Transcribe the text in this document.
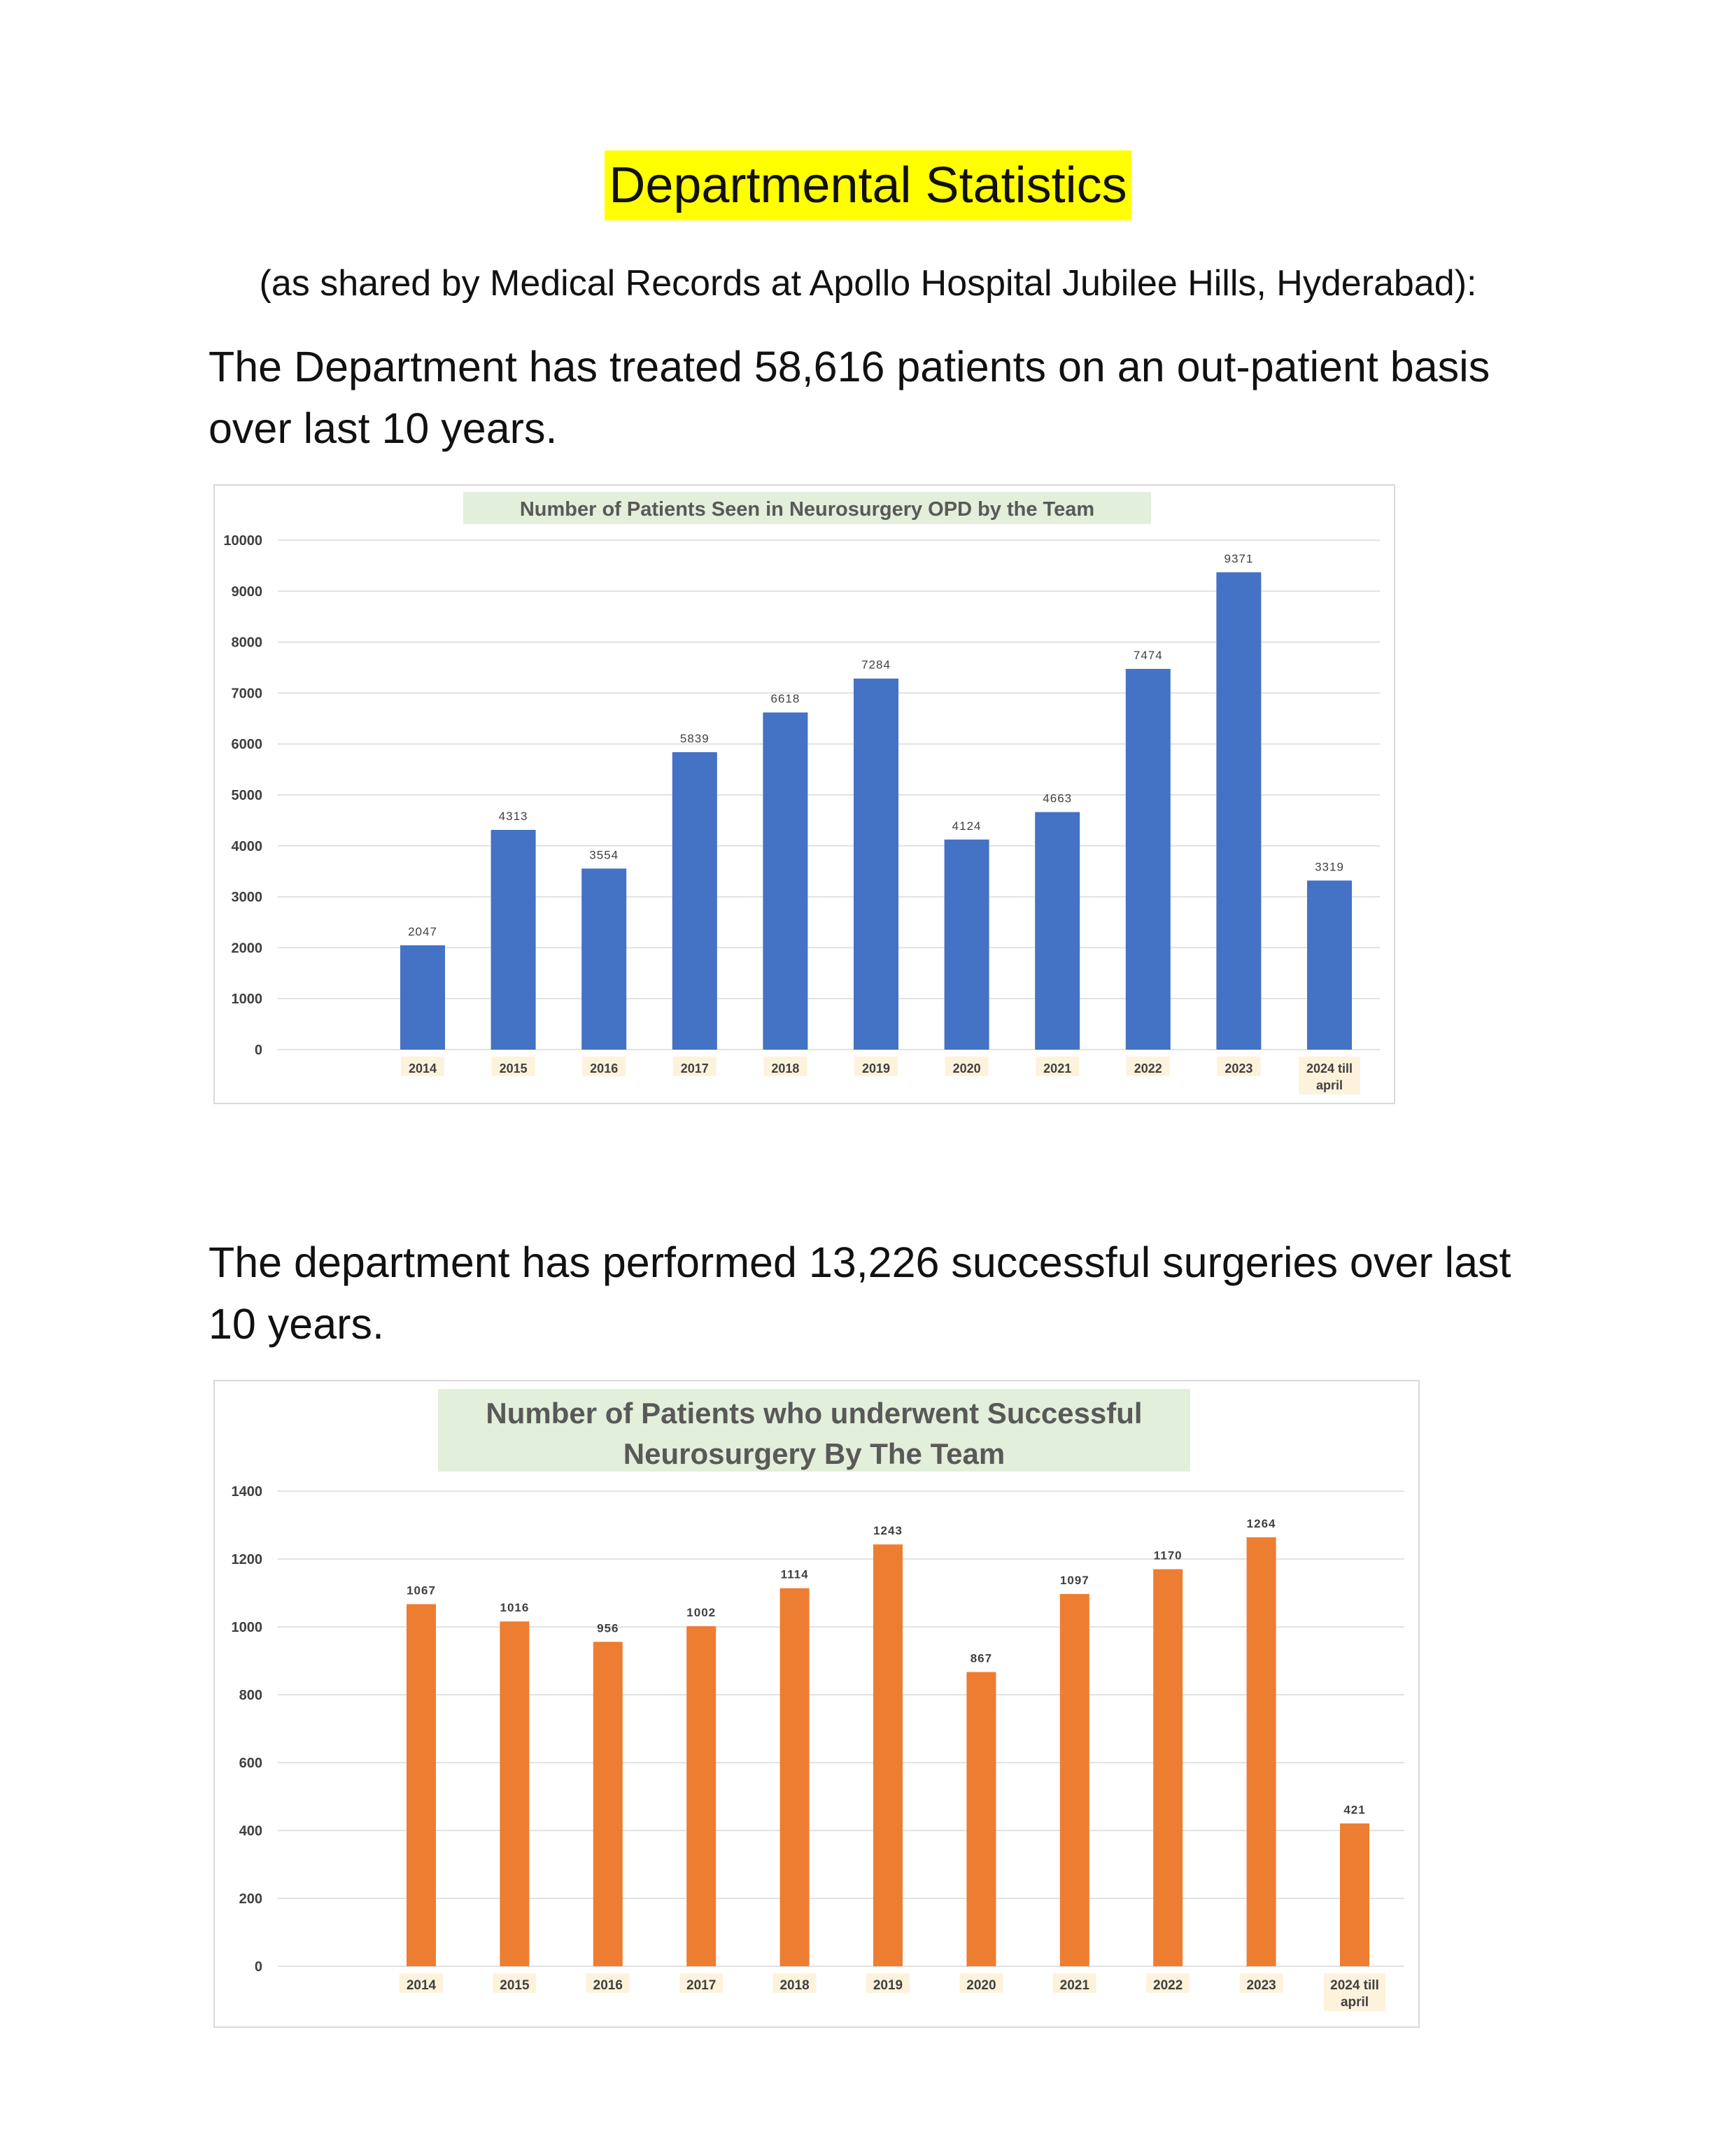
Departmental Statistics
(as shared by Medical Records at Apollo Hospital Jubilee Hills, Hyderabad):
The Department has treated 58,616 patients on an out-patient basis over last 10 years.
Number of Patients Seen in Neurosurgery OPD by the Team
0
1000
2000
3000
4000
5000
6000
7000
8000
9000
10000
2047
2014
4313
2015
3554
2016
5839
2017
6618
2018
7284
2019
4124
2020
4663
2021
7474
2022
9371
2023
3319
2024 till april
The department has performed 13,226 successful surgeries over last 10 years.
Number of Patients who underwent Successful Neurosurgery By The Team
0
200
400
600
800
1000
1200
1400
1067
2014
1016
2015
956
2016
1002
2017
1114
2018
1243
2019
867
2020
1097
2021
1170
2022
1264
2023
421
2024 till april
